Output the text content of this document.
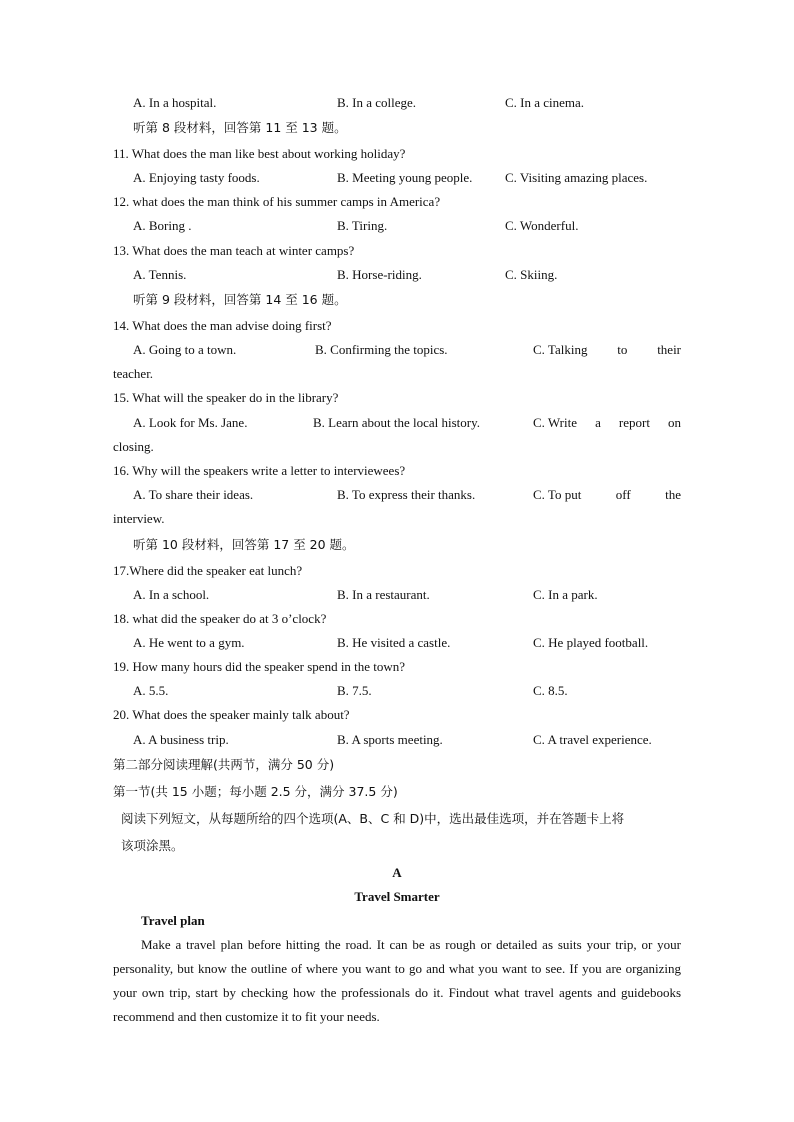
A. In a hospital.	B. In a college.	C. In a cinema.
听第 8 段材料，回答第 11 至 13 题。
11. What does the man like best about working holiday?
A. Enjoying tasty foods.	B. Meeting young people.	C. Visiting amazing places.
12. what does the man think of his summer camps in America?
A. Boring .	B. Tiring.	C. Wonderful.
13. What does the man teach at winter camps?
A. Tennis.	B. Horse-riding.	C. Skiing.
听第 9 段材料，回答第 14 至 16 题。
14. What does the man advise doing first?
A. Going to a town.	B. Confirming the topics.	C. Talking to their
teacher.
15. What will the speaker do in the library?
A. Look for Ms. Jane.	B. Learn about the local history.	C. Write a report on
closing.
16. Why will the speakers write a letter to interviewees?
A. To share their ideas.	B. To express their thanks.	C. To put	off	the
interview.
听第 10 段材料，回答第 17 至 20 题。
17.Where did the speaker eat lunch?
A. In a school.	B. In a restaurant.	C. In a park.
18. what did the speaker do at 3 o’clock?
A. He went to a gym.	B. He visited a castle.	C. He played football.
19. How many hours did the speaker spend in the town?
A. 5.5.	B. 7.5.	C. 8.5.
20. What does the speaker mainly talk about?
A. A business trip.	B. A sports meeting.	C. A travel experience.
第二部分阅读理解(共两节，满分 50 分)
第一节(共 15 小题；每小题 2.5 分，满分 37.5 分)
阅读下列短文，从每题所给的四个选项(A、B、C 和 D)中，选出最佳选项，并在答题卡上将
该项涂黑。
A
Travel Smarter
Travel plan
Make a travel plan before hitting the road. It can be as rough or detailed as suits your trip, or your personality, but know the outline of where you want to go and what you want to see. If you are organizing your own trip, start by checking how the professionals do it. Findout what travel agents and guidebooks recommend and then customize it to fit your needs.
